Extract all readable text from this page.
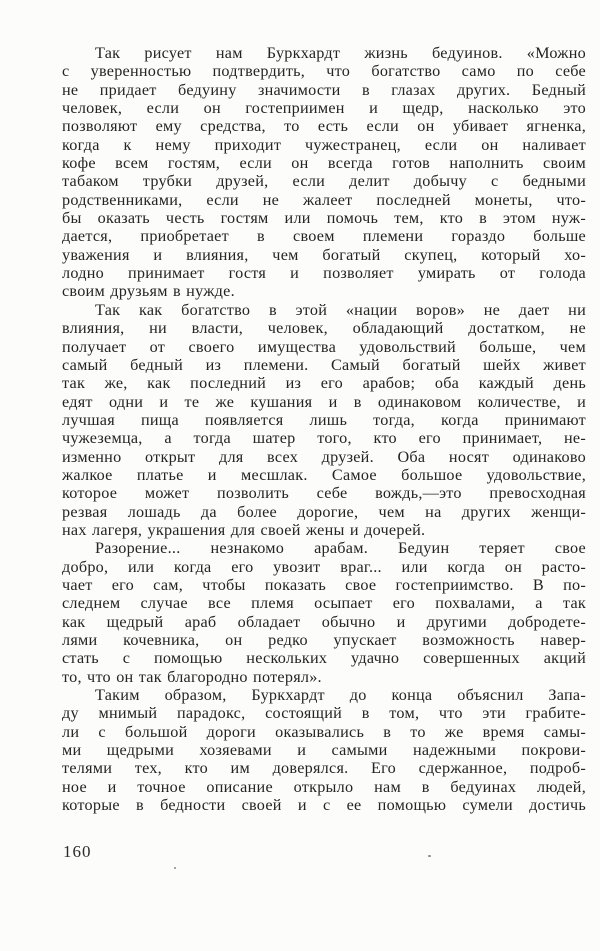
Так рисует нам Буркхардт жизнь бедуинов. «Можно
с уверенностью подтвердить, что богатство само по себе
не придает бедуину значимости в глазах других. Бедный
человек, если он гостеприимен и щедр, насколько это
позволяют ему средства, то есть если он убивает ягненка,
когда к нему приходит чужестранец, если он наливает
кофе всем гостям, если он всегда готов наполнить своим
табаком трубки друзей, если делит добычу с бедными
родственниками, если не жалеет последней монеты, что-
бы оказать честь гостям или помочь тем, кто в этом нуж-
дается, приобретает в своем племени гораздо больше
уважения и влияния, чем богатый скупец, который хо-
лодно принимает гостя и позволяет умирать от голода
своим друзьям в нужде.
Так как богатство в этой «нации воров» не дает ни
влияния, ни власти, человек, обладающий достатком, не
получает от своего имущества удовольствий больше, чем
самый бедный из племени. Самый богатый шейх живет
так же, как последний из его арабов; оба каждый день
едят одни и те же кушания и в одинаковом количестве, и
лучшая пища появляется лишь тогда, когда принимают
чужеземца, а тогда шатер того, кто его принимает, не-
изменно открыт для всех друзей. Оба носят одинаково
жалкое платье и месшлак. Самое большое удовольствие,
которое может позволить себе вождь,—это превосходная
резвая лошадь да более дорогие, чем на других женщи-
нах лагеря, украшения для своей жены и дочерей.
Разорение... незнакомо арабам. Бедуин теряет свое
добро, или когда его увозит враг... или когда он расто-
чает его сам, чтобы показать свое гостеприимство. В по-
следнем случае все племя осыпает его похвалами, а так
как щедрый араб обладает обычно и другими добродете-
лями кочевника, он редко упускает возможность навер-
стать с помощью нескольких удачно совершенных акций
то, что он так благородно потерял».
Таким образом, Буркхардт до конца объяснил Запа-
ду мнимый парадокс, состоящий в том, что эти грабите-
ли с большой дороги оказывались в то же время самы-
ми щедрыми хозяевами и самыми надежными покрови-
телями тех, кто им доверялся. Его сдержанное, подроб-
ное и точное описание открыло нам в бедуинах людей,
которые в бедности своей и с ее помощью сумели достичь
160
